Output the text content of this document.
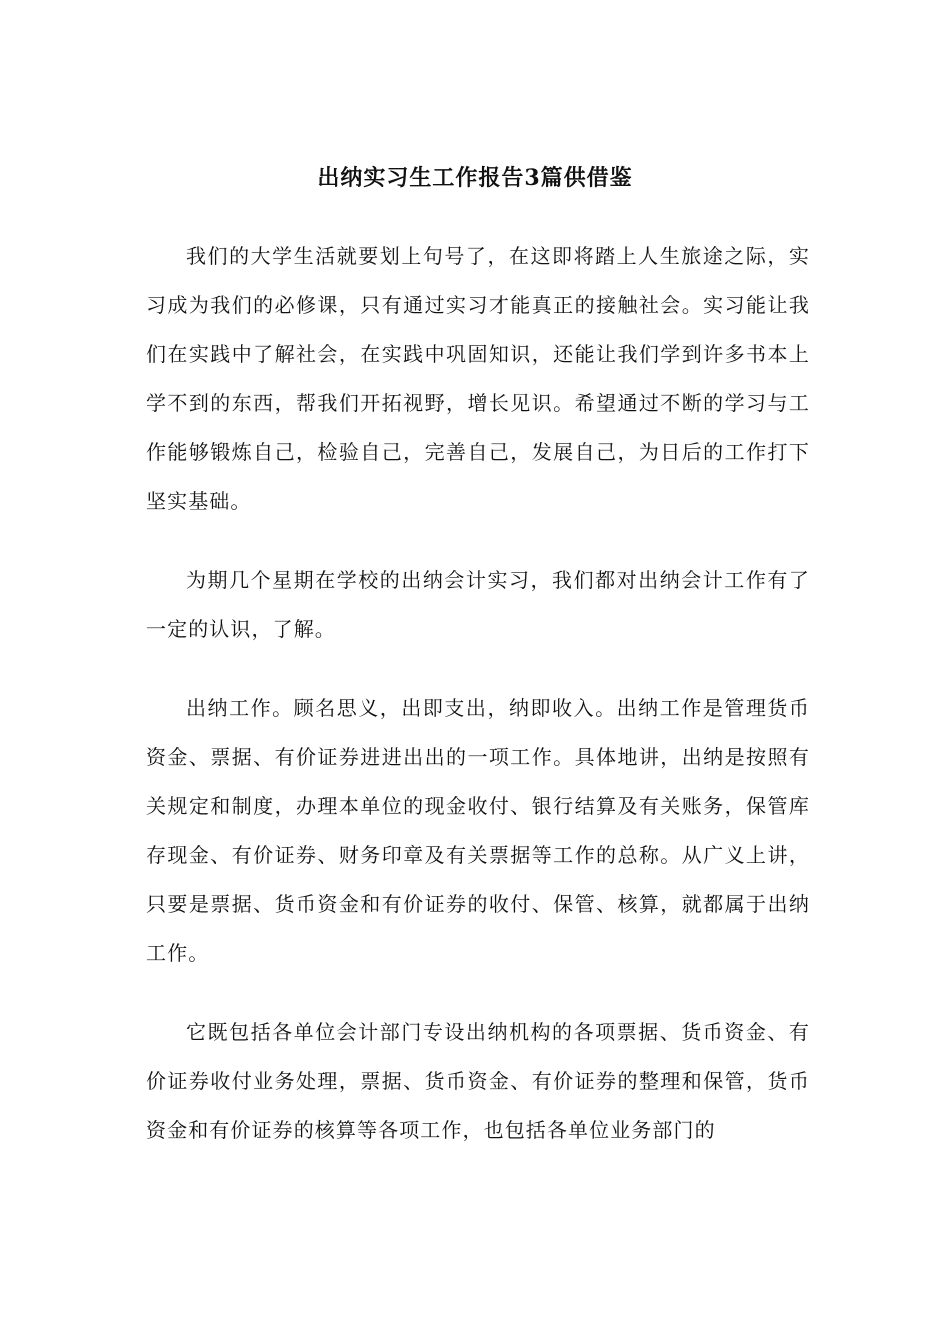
出纳实习生工作报告3篇供借鉴

我们的大学生活就要划上句号了，在这即将踏上人生旅途之际，实习成为我们的必修课，只有通过实习才能真正的接触社会。实习能让我们在实践中了解社会，在实践中巩固知识，还能让我们学到许多书本上学不到的东西，帮我们开拓视野，增长见识。希望通过不断的学习与工作能够锻炼自己，检验自己，完善自己，发展自己，为日后的工作打下坚实基础。

为期几个星期在学校的出纳会计实习，我们都对出纳会计工作有了一定的认识，了解。

出纳工作。顾名思义，出即支出，纳即收入。出纳工作是管理货币资金、票据、有价证券进进出出的一项工作。具体地讲，出纳是按照有关规定和制度，办理本单位的现金收付、银行结算及有关账务，保管库存现金、有价证券、财务印章及有关票据等工作的总称。从广义上讲，只要是票据、货币资金和有价证券的收付、保管、核算，就都属于出纳工作。

它既包括各单位会计部门专设出纳机构的各项票据、货币资金、有价证券收付业务处理，票据、货币资金、有价证券的整理和保管，货币资金和有价证券的核算等各项工作，也包括各单位业务部门的
